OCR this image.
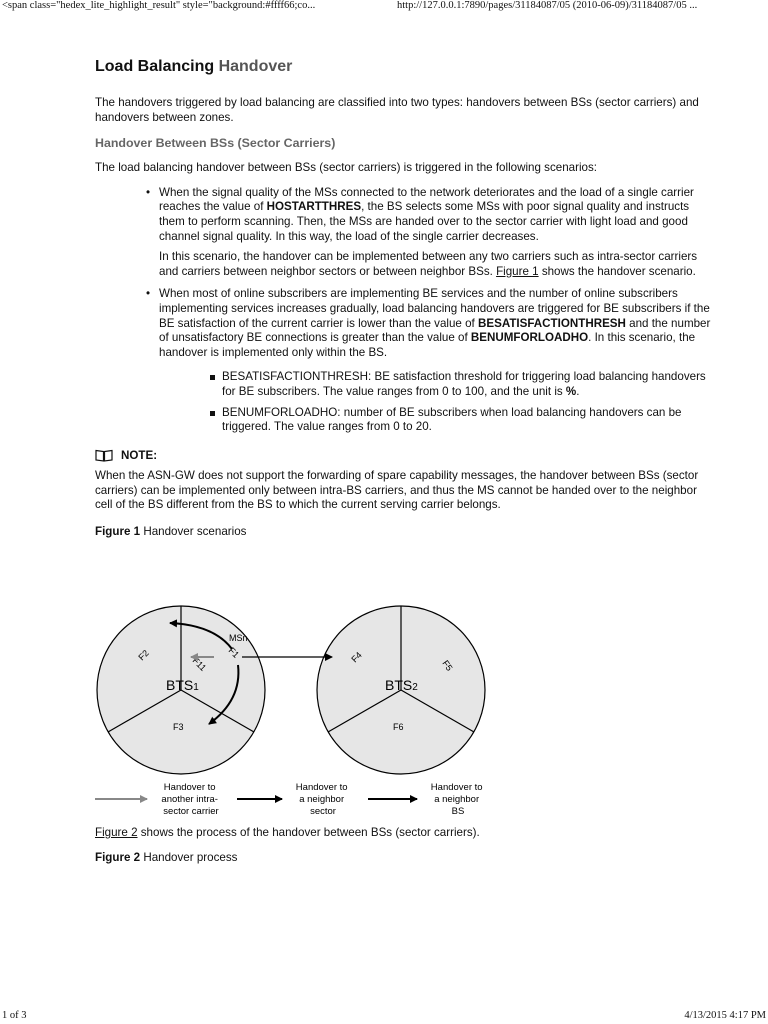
<span class="hedex_lite_highlight_result" style="background:#ffff66;co...	http://127.0.0.1:7890/pages/31184087/05 (2010-06-09)/31184087/05 ...
Load Balancing Handover

The handovers triggered by load balancing are classified into two types: handovers between BSs (sector carriers) and handovers between zones.

Handover Between BSs (Sector Carriers)

The load balancing handover between BSs (sector carriers) is triggered in the following scenarios:

• When the signal quality of the MSs connected to the network deteriorates and the load of a single carrier reaches the value of HOSTARTTHRES, the BS selects some MSs with poor signal quality and instructs them to perform scanning. Then, the MSs are handed over to the sector carrier with light load and good channel signal quality. In this way, the load of the single carrier decreases.

In this scenario, the handover can be implemented between any two carriers such as intra-sector carriers and carriers between neighbor sectors or between neighbor BSs. Figure 1 shows the handover scenario.

• When most of online subscribers are implementing BE services and the number of online subscribers implementing services increases gradually, load balancing handovers are triggered for BE subscribers if the BE satisfaction of the current carrier is lower than the value of BESATISFACTIONTHRESH and the number of unsatisfactory BE connections is greater than the value of BENUMFORLOADHO. In this scenario, the handover is implemented only within the BS.

BESATISFACTIONTHRESH: BE satisfaction threshold for triggering load balancing handovers for BE subscribers. The value ranges from 0 to 100, and the unit is %.
BENUMFORLOADHO: number of BE subscribers when load balancing handovers can be triggered. The value ranges from 0 to 20.
NOTE:

When the ASN-GW does not support the forwarding of spare capability messages, the handover between BSs (sector carriers) can be implemented only between intra-BS carriers, and thus the MS cannot be handed over to the neighbor cell of the BS different from the BS to which the current serving carrier belongs.

Figure 1 Handover scenarios

F2	F1
F11
F3
BTS1
MSn
F4
F5
F6
BTS2
Handover to another intra- sector carrier
Handover to a neighbor sector
Handover to a neighbor BS

Figure 2 shows the process of the handover between BSs (sector carriers).

Figure 2 Handover process

1 of 3	4/13/2015 4:17 PM
